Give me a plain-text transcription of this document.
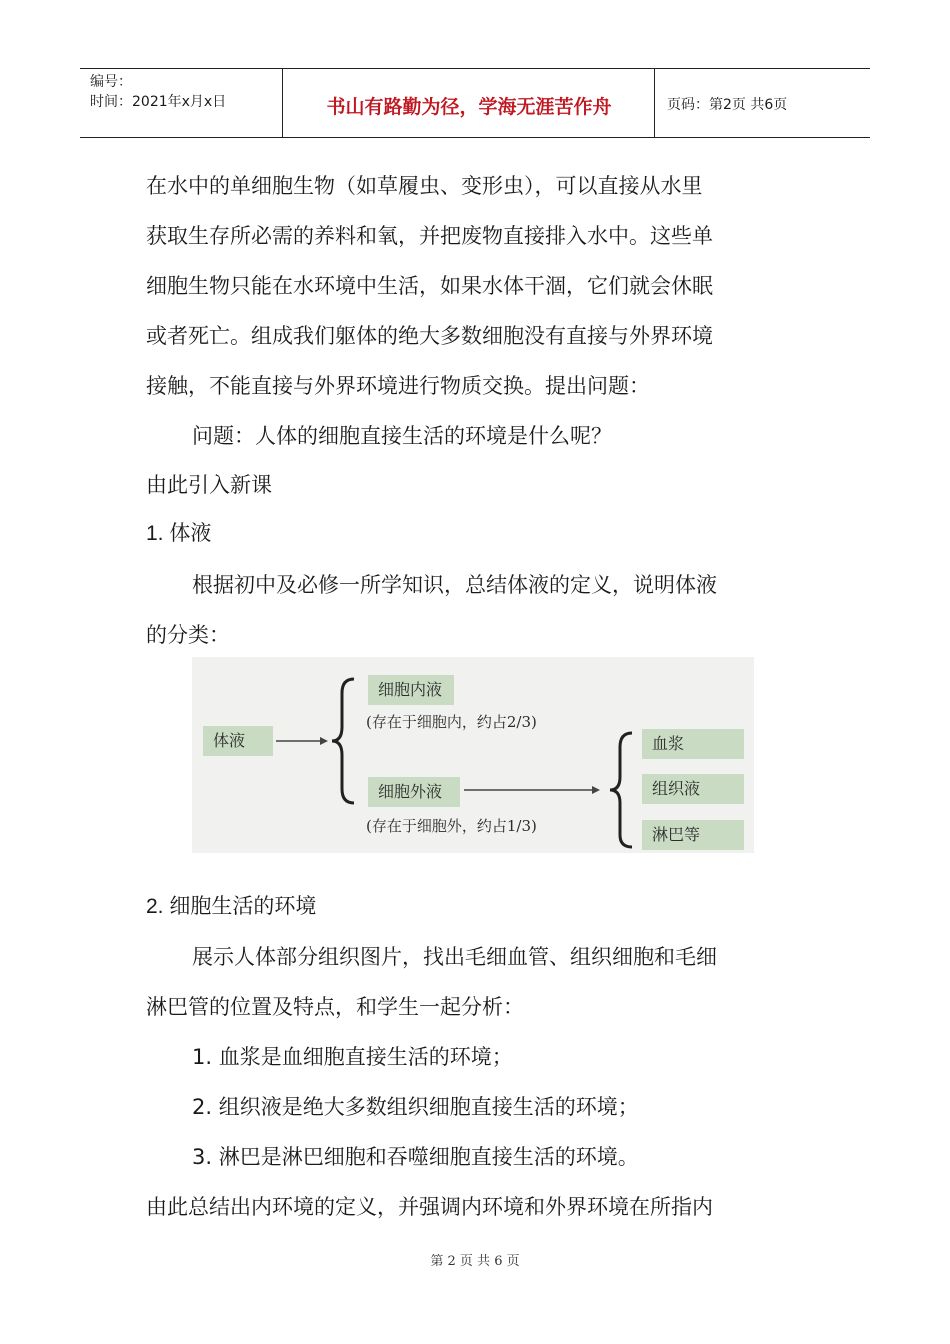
编号：
时间：2021年x月x日	书山有路勤为径，学海无涯苦作舟	页码：第2页 共6页
在水中的单细胞生物（如草履虫、变形虫），可以直接从水里
获取生存所必需的养料和氧，并把废物直接排入水中。这些单
细胞生物只能在水环境中生活，如果水体干涸，它们就会休眠
或者死亡。组成我们躯体的绝大多数细胞没有直接与外界环境
接触，不能直接与外界环境进行物质交换。提出问题：
问题：人体的细胞直接生活的环境是什么呢？
由此引入新课
1. 体液
根据初中及必修一所学知识，总结体液的定义，说明体液
的分类：
体液
细胞内液
(存在于细胞内，约占2/3)
细胞外液
(存在于细胞外，约占1/3)
血浆
组织液
淋巴等
2. 细胞生活的环境
展示人体部分组织图片，找出毛细血管、组织细胞和毛细
淋巴管的位置及特点，和学生一起分析：
1. 血浆是血细胞直接生活的环境；
2. 组织液是绝大多数组织细胞直接生活的环境；
3. 淋巴是淋巴细胞和吞噬细胞直接生活的环境。
由此总结出内环境的定义，并强调内环境和外界环境在所指内
第 2 页 共 6 页
